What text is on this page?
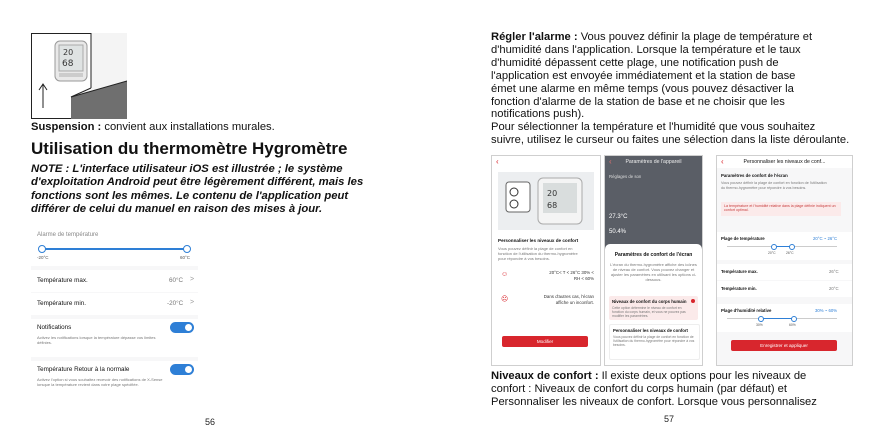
20
68
Suspension : convient aux installations murales.
Utilisation du thermomètre Hygromètre
NOTE : L'interface utilisateur iOS est illustrée ; le système
d'exploitation Android peut être légèrement différent, mais les
fonctions sont les mêmes. Le contenu de l'application peut
différer de celui du manuel en raison des mises à jour.
Alarme de température
-20°C	60°C
Température max.	60°C >
Température min.	-20°C >
Notifications
Activez les notifications lorsque la température dépasse vos limites définies.
Température Retour à la normale
Activez l'option si vous souhaitez recevoir des notifications de X-Sense lorsque la température revient dans votre plage spécifiée.
56
Régler l'alarme : Vous pouvez définir la plage de température et
d'humidité dans l'application. Lorsque la température et le taux
d'humidité dépassent cette plage, une notification push de
l'application est envoyée immédiatement et la station de base
émet une alarme en même temps (vous pouvez désactiver la
fonction d'alarme de la station de base et ne choisir que les
notifications push).
Pour sélectionner la température et l'humidité que vous souhaitez
suivre, utilisez le curseur ou faites une sélection dans la liste déroulante.
‹
20
68
Personnaliser les niveaux de confort
Vous pouvez définir la plage de confort en fonction de l'utilisation du thermo-hygromètre pour répondre à vos besoins.
☺	20°C< T < 26°C 30% < RH < 60%
☹	Dans d'autres cas, l'écran affiche un inconfort.
Modifier
‹	Paramètres de l'appareil
Réglages de son
27.3°C
50.4%
Paramètres de confort de l'écran
L'écran du thermo-hygromètre affiche des icônes de niveau de confort. Vous pouvez changer et ajuster les paramètres en utilisant les options ci-dessous.
Niveaux de confort du corps humain
Cette option détermine le niveau de confort en fonction du corps humain, et vous ne pouvez pas modifier les paramètres.
Personnaliser les niveaux de confort
Vous pouvez définir la plage de confort en fonction de l'utilisation du thermo-hygromètre pour répondre à vos besoins.
‹	Personnaliser les niveaux de conf...
Paramètres de confort de l'écran
Vous pouvez définir la plage de confort en fonction de l'utilisation du thermo-hygromètre pour répondre à vos besoins.
La température et l'humidité relative dans la plage définie indiquent un confort optimal.
Plage de température	20°C ~ 26°C
20°C	26°C
Température max.	26°C
Température min.	20°C
Plage d'humidité relative	30% ~ 60%
30%	60%
Enregistrer et appliquer
Niveaux de confort : Il existe deux options pour les niveaux de
confort : Niveaux de confort du corps humain (par défaut) et
Personnaliser les niveaux de confort. Lorsque vous personnalisez
57
